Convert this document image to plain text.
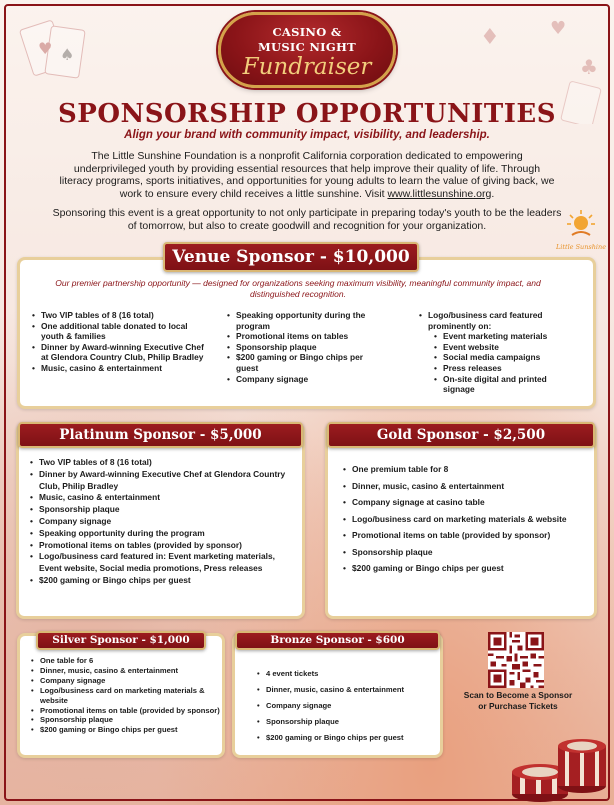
♥ ♠
♦	♥
♣
CASINO &
MUSIC NIGHT
Fundraiser
SPONSORSHIP OPPORTUNITIES
Align your brand with community impact, visibility, and leadership.
The Little Sunshine Foundation is a nonprofit California corporation dedicated to empowering underprivileged youth by providing essential resources that help improve their quality of life. Through literacy programs, sports initiatives, and opportunities for young adults to learn the value of giving back, we work to ensure every child receives a little sunshine. Visit www.littlesunshine.org.
Sponsoring this event is a great opportunity to not only participate in preparing today's youth to be the leaders of tomorrow, but also to create goodwill and recognition for your organization.
Little Sunshine
Venue Sponsor - $10,000
Our premier partnership opportunity — designed for organizations seeking maximum visibility, meaningful community impact, and distinguished recognition.
• Two VIP tables of 8 (16 total)
• One additional table donated to local youth & families
• Dinner by Award-winning Executive Chef at Glendora Country Club, Philip Bradley
• Music, casino & entertainment
• Speaking opportunity during the program
• Promotional items on tables
• Sponsorship plaque
• $200 gaming or Bingo chips per guest
• Company signage
• Logo/business card featured prominently on:
• Event marketing materials
• Event website
• Social media campaigns
• Press releases
• On-site digital and printed signage
Platinum Sponsor - $5,000
• Two VIP tables of 8 (16 total)
• Dinner by Award-winning Executive Chef at Glendora Country Club, Philip Bradley
• Music, casino & entertainment
• Sponsorship plaque
• Company signage
• Speaking opportunity during the program
• Promotional items on tables (provided by sponsor)
• Logo/business card featured in: Event marketing materials, Event website, Social media promotions, Press releases
• $200 gaming or Bingo chips per guest
Gold Sponsor - $2,500
• One premium table for 8
• Dinner, music, casino & entertainment
• Company signage at casino table
• Logo/business card on marketing materials & website
• Promotional items on table (provided by sponsor)
• Sponsorship plaque
• $200 gaming or Bingo chips per guest
Silver Sponsor - $1,000
• One table for 6
• Dinner, music, casino & entertainment
• Company signage
• Logo/business card on marketing materials & website
• Promotional items on table (provided by sponsor)
• Sponsorship plaque
• $200 gaming or Bingo chips per guest
Bronze Sponsor - $600
• 4 event tickets
• Dinner, music, casino & entertainment
• Company signage
• Sponsorship plaque
• $200 gaming or Bingo chips per guest
Scan to Become a Sponsor
or Purchase Tickets
